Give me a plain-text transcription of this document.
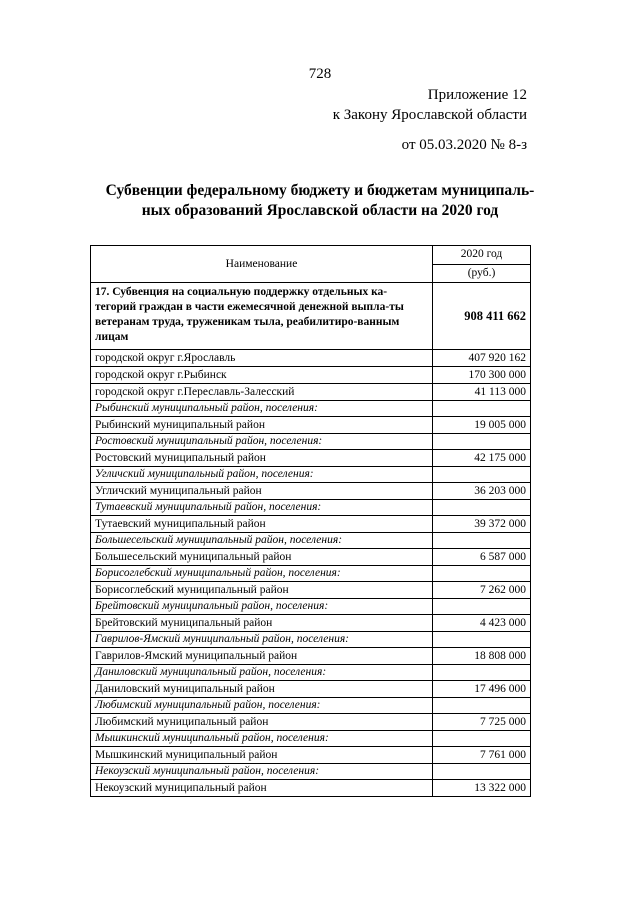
728
Приложение 12
к Закону Ярославской области
от 05.03.2020 № 8-з
Субвенции федеральному бюджету и бюджетам муниципаль-
ных образований Ярославской области на 2020 год
Наименование	2020 год
	(руб.)
17. Субвенция на социальную поддержку отдельных ка-тегорий граждан в части ежемесячной денежной выпла-ты ветеранам труда, труженикам тыла, реабилитиро-ванным лицам	908 411 662
городской округ г.Ярославль	407 920 162
городской округ г.Рыбинск	170 300 000
городской округ г.Переславль-Залесский	41 113 000
Рыбинский муниципальный район, поселения:	
Рыбинский муниципальный район	19 005 000
Ростовский муниципальный район, поселения:	
Ростовский муниципальный район	42 175 000
Угличский муниципальный район, поселения:	
Угличский муниципальный район	36 203 000
Тутаевский муниципальный район, поселения:	
Тутаевский муниципальный район	39 372 000
Большесельский муниципальный район, поселения:	
Большесельский муниципальный район	6 587 000
Борисоглебский муниципальный район, поселения:	
Борисоглебский муниципальный район	7 262 000
Брейтовский муниципальный район, поселения:	
Брейтовский муниципальный район	4 423 000
Гаврилов-Ямский муниципальный район, поселения:	
Гаврилов-Ямский муниципальный район	18 808 000
Даниловский муниципальный район, поселения:	
Даниловский муниципальный район	17 496 000
Любимский муниципальный район, поселения:	
Любимский муниципальный район	7 725 000
Мышкинский муниципальный район, поселения:	
Мышкинский муниципальный район	7 761 000
Некоузский муниципальный район, поселения:	
Некоузский муниципальный район	13 322 000
